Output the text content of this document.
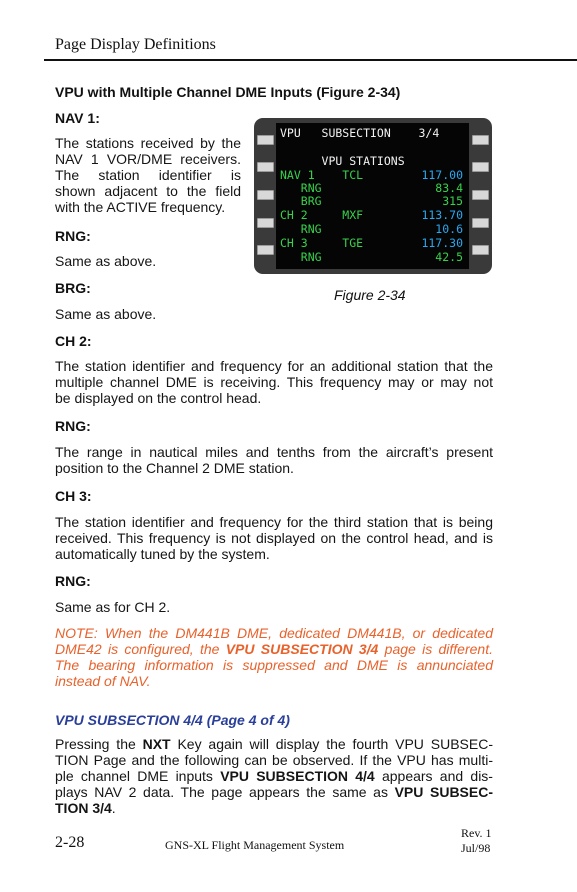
Page Display Definitions
VPU with Multiple Channel DME Inputs (Figure 2-34)
NAV 1:
The stations received by the
NAV 1 VOR/DME receivers.
The station identifier is
shown adjacent to the field
with the ACTIVE frequency.
RNG:
Same as above.
BRG:
Same as above.
CH 2:
The station identifier and frequency for an additional station that the
multiple channel DME is receiving. This frequency may or may not
be displayed on the control head.
RNG:
The range in nautical miles and tenths from the aircraft’s present
position to the Channel 2 DME station.
CH 3:
The station identifier and frequency for the third station that is being
received. This frequency is not displayed on the control head, and is
automatically tuned by the system.
RNG:
Same as for CH 2.
NOTE: When the DM441B DME, dedicated DM441B, or dedicated
DME42 is configured, the VPU SUBSECTION 3/4 page is different.
The bearing information is suppressed and DME is annunciated
instead of NAV.
VPU SUBSECTION 4/4 (Page 4 of 4)
Pressing the NXT Key again will display the fourth VPU SUBSEC-
TION Page and the following can be observed. If the VPU has multi-
ple channel DME inputs VPU SUBSECTION 4/4 appears and dis-
plays NAV 2 data. The page appears the same as VPU SUBSEC-
TION 3/4.
VPU   SUBSECTION    3/4
VPU STATIONS
NAV 1    TCL	117.00
RNG	83.4
BRG	315
CH 2     MXF	113.70
RNG	10.6
CH 3     TGE	117.30
RNG	42.5
Figure 2-34
2-28	GNS-XL Flight Management System
Rev. 1
Jul/98
